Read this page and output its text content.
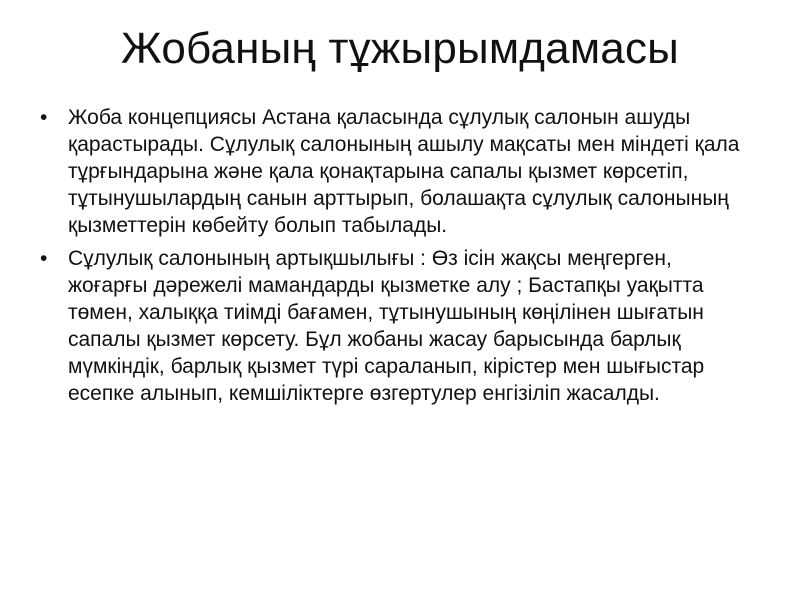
Жобаның тұжырымдамасы
• Жоба концепциясы Астана қаласында сұлулық салонын ашуды қарастырады. Сұлулық салонының ашылу мақсаты мен міндеті қала тұрғындарына және қала қонақтарына сапалы қызмет көрсетіп, тұтынушылардың санын арттырып, болашақта сұлулық салонының қызметтерін көбейту болып табылады.
• Сұлулық салонының артықшылығы : Өз ісін жақсы меңгерген, жоғарғы дәрежелі мамандарды қызметке алу ; Бастапқы уақытта төмен, халыққа тиімді бағамен, тұтынушының көңілінен шығатын сапалы қызмет көрсету. Бұл жобаны жасау барысында барлық мүмкіндік, барлық қызмет түрі сараланып, кірістер мен шығыстар есепке алынып, кемшіліктерге өзгертулер енгізіліп жасалды.
